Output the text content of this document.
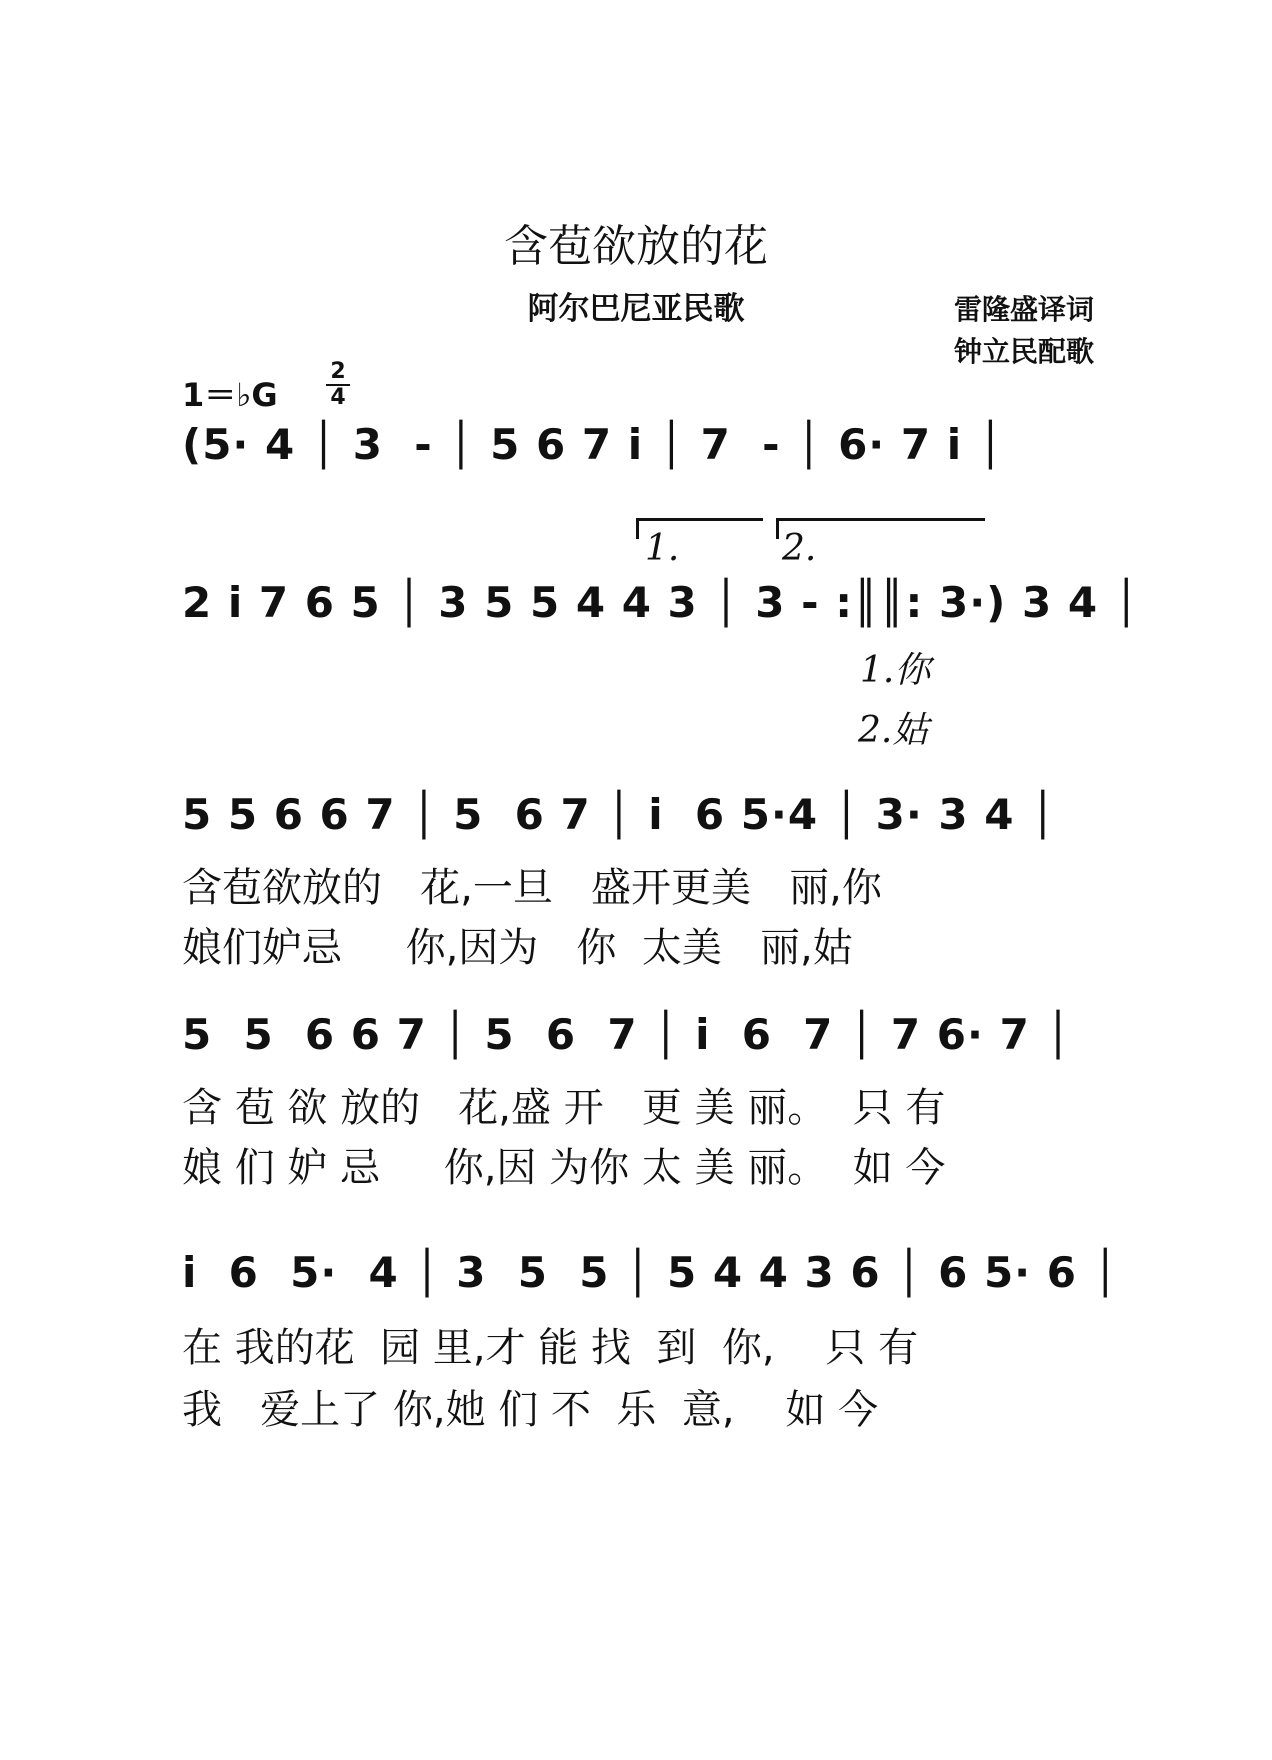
含苞欲放的花
阿尔巴尼亚民歌	雷隆盛译词
钟立民配歌
1＝♭G
2
4
(5· 4 │ 3  - │ 5 6 7 i │ 7  - │ 6· 7 i │
1.	2.
2 i 7 6 5 │ 3 5 5 4 4 3 │ 3 - :║║: 3·) 3 4 │
1.你
2.姑
5 5 6 6 7 │ 5  6 7 │ i  6 5·4 │ 3· 3 4 │
含苞欲放的   花,一旦   盛开更美   丽,你
娘们妒忌     你,因为   你  太美   丽,姑
5  5  6 6 7 │ 5  6  7 │ i  6  7 │ 7 6· 7 │
含 苞 欲 放的   花,盛 开   更 美 丽。  只 有
娘 们 妒 忌     你,因 为你 太 美 丽。  如 今
i  6  5·  4 │ 3  5  5 │ 5 4 4 3 6 │ 6 5· 6 │
在 我的花  园 里,才 能 找  到  你,    只 有
我   爱上了 你,她 们 不  乐  意,    如 今
